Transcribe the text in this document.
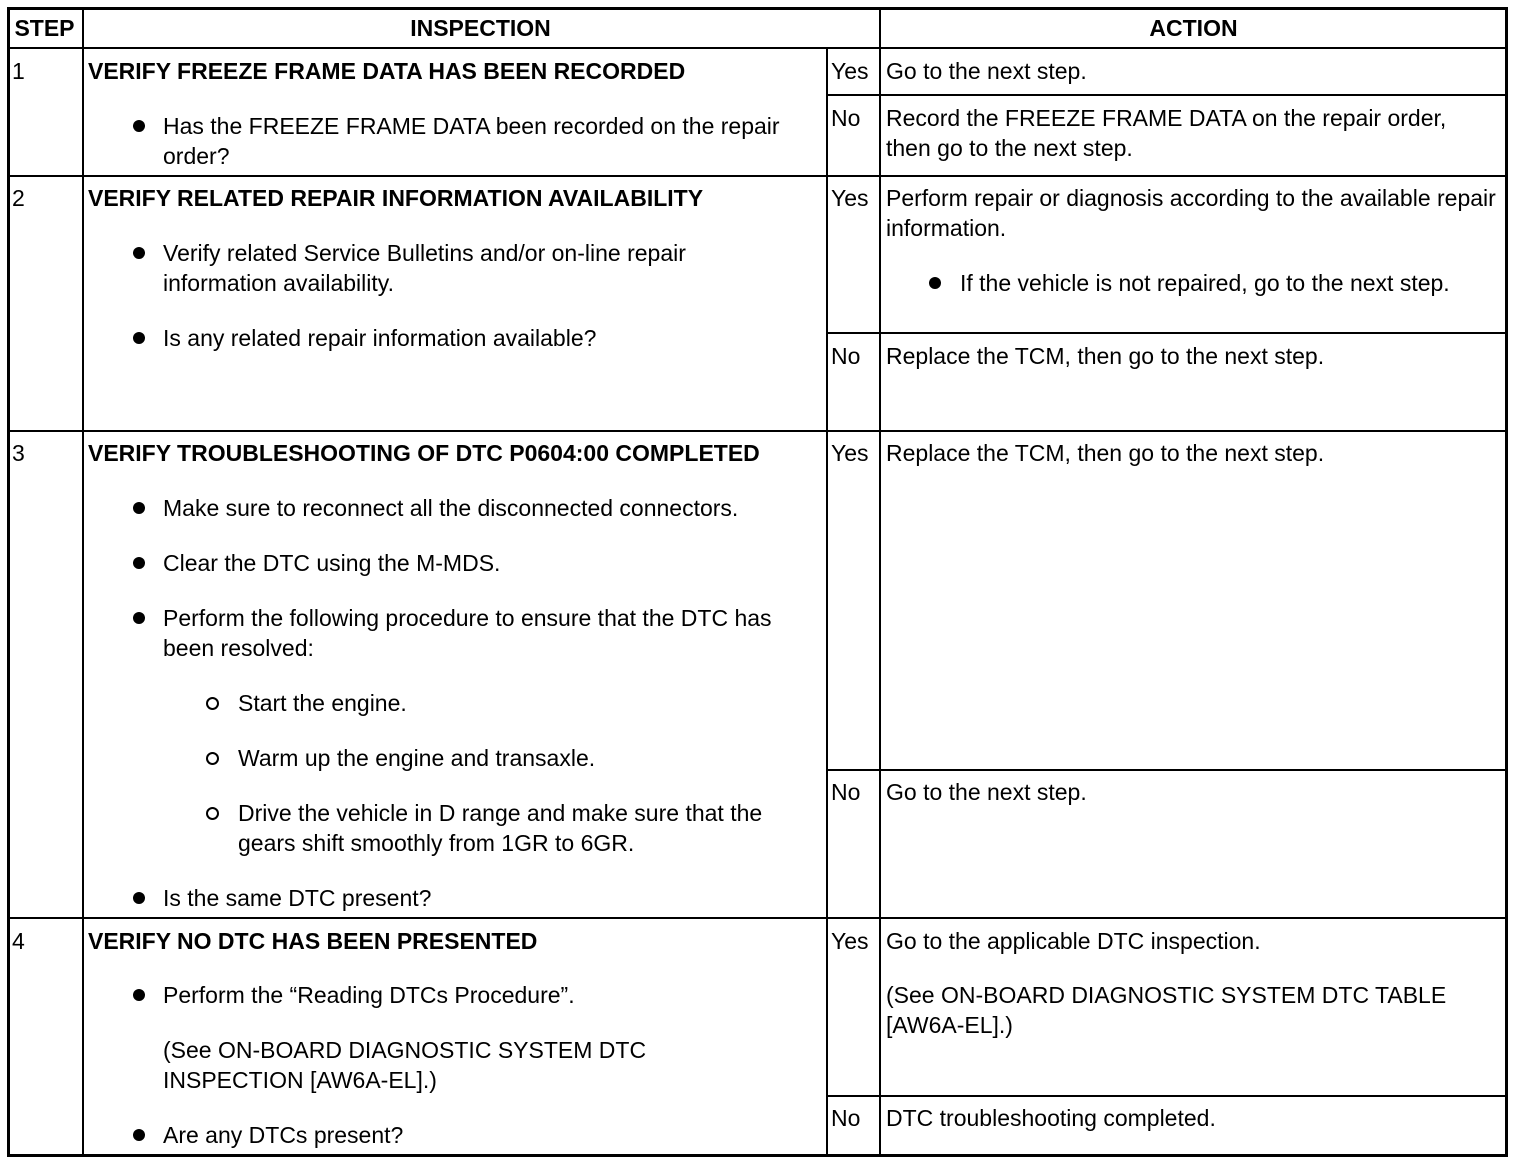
STEP	INSPECTION	ACTION
1	VERIFY FREEZE FRAME DATA HAS BEEN RECORDED
Has the FREEZE FRAME DATA been recorded on the repair order?
Yes Go to the next step.
No Record the FREEZE FRAME DATA on the repair order, then go to the next step.
2	VERIFY RELATED REPAIR INFORMATION AVAILABILITY
Verify related Service Bulletins and/or on-line repair information availability.
Is any related repair information available?
Yes Perform repair or diagnosis according to the available repair information.
If the vehicle is not repaired, go to the next step.
No Replace the TCM, then go to the next step.
3	VERIFY TROUBLESHOOTING OF DTC P0604:00 COMPLETED
Make sure to reconnect all the disconnected connectors.
Clear the DTC using the M-MDS.
Perform the following procedure to ensure that the DTC has been resolved:
Start the engine.
Warm up the engine and transaxle.
Drive the vehicle in D range and make sure that the gears shift smoothly from 1GR to 6GR.
Is the same DTC present?
Yes Replace the TCM, then go to the next step.
No Go to the next step.
4	VERIFY NO DTC HAS BEEN PRESENTED
Perform the “Reading DTCs Procedure”.
(See ON-BOARD DIAGNOSTIC SYSTEM DTC INSPECTION [AW6A-EL].)
Are any DTCs present?
Yes Go to the applicable DTC inspection.
(See ON-BOARD DIAGNOSTIC SYSTEM DTC TABLE [AW6A-EL].)
No DTC troubleshooting completed.
